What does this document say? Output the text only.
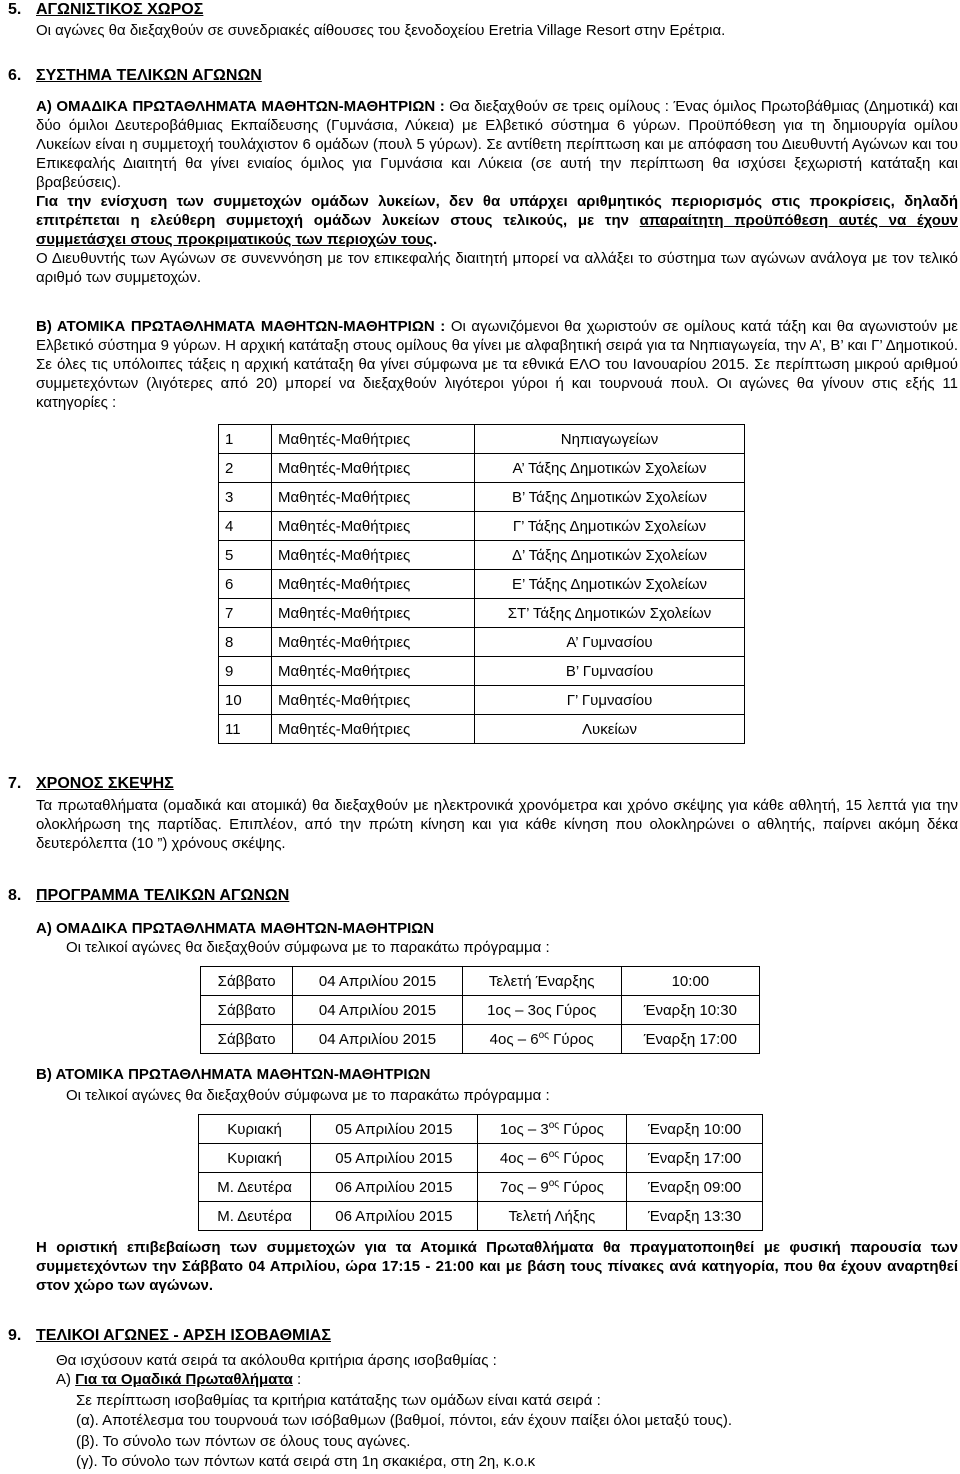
5. ΑΓΩΝΙΣΤΙΚΟΣ ΧΩΡΟΣ
Οι αγώνες θα διεξαχθούν σε συνεδριακές αίθουσες του ξενοδοχείου Eretria Village Resort στην Ερέτρια.
6. ΣΥΣΤΗΜΑ ΤΕΛΙΚΩΝ ΑΓΩΝΩΝ

Α) ΟΜΑΔΙΚΑ ΠΡΩΤΑΘΛΗΜΑΤΑ ΜΑΘΗΤΩΝ-ΜΑΘΗΤΡΙΩΝ : Θα διεξαχθούν σε τρεις ομίλους : Ένας όμιλος Πρωτοβάθμιας (Δημοτικά) και δύο όμιλοι Δευτεροβάθμιας Εκπαίδευσης (Γυμνάσια, Λύκεια) με Ελβετικό σύστημα 6 γύρων. Προϋπόθεση για τη δημιουργία ομίλου Λυκείων είναι η συμμετοχή τουλάχιστον 6 ομάδων (πουλ 5 γύρων). Σε αντίθετη περίπτωση και με απόφαση του Διευθυντή Αγώνων και του Επικεφαλής Διαιτητή θα γίνει ενιαίος όμιλος για Γυμνάσια και Λύκεια (σε αυτή την περίπτωση θα ισχύσει ξεχωριστή κατάταξη και βραβεύσεις).

Για την ενίσχυση των συμμετοχών ομάδων λυκείων, δεν θα υπάρχει αριθμητικός περιορισμός στις προκρίσεις, δηλαδή επιτρέπεται η ελεύθερη συμμετοχή ομάδων λυκείων στους τελικούς, με την απαραίτητη προϋπόθεση αυτές να έχουν συμμετάσχει στους προκριματικούς των περιοχών τους.

Ο Διευθυντής των Αγώνων σε συνεννόηση με τον επικεφαλής διαιτητή μπορεί να αλλάξει το σύστημα των αγώνων ανάλογα με τον τελικό αριθμό των συμμετοχών.

Β) ΑΤΟΜΙΚΑ ΠΡΩΤΑΘΛΗΜΑΤΑ ΜΑΘΗΤΩΝ-ΜΑΘΗΤΡΙΩΝ : Οι αγωνιζόμενοι θα χωριστούν σε ομίλους κατά τάξη και θα αγωνιστούν με Ελβετικό σύστημα 9 γύρων. Η αρχική κατάταξη στους ομίλους θα γίνει με αλφαβητική σειρά για τα Νηπιαγωγεία, την Α’, Β’ και Γ’ Δημοτικού. Σε όλες τις υπόλοιπες τάξεις η αρχική κατάταξη θα γίνει σύμφωνα με τα εθνικά ΕΛΟ του Ιανουαρίου 2015. Σε περίπτωση μικρού αριθμού συμμετεχόντων (λιγότερες από 20) μπορεί να διεξαχθούν λιγότεροι γύροι ή και τουρνουά πουλ. Οι αγώνες θα γίνουν στις εξής 11 κατηγορίες :

1	Μαθητές-Μαθήτριες	Νηπιαγωγείων
2	Μαθητές-Μαθήτριες	Α’ Τάξης Δημοτικών Σχολείων
3	Μαθητές-Μαθήτριες	Β’ Τάξης Δημοτικών Σχολείων
4	Μαθητές-Μαθήτριες	Γ’ Τάξης Δημοτικών Σχολείων
5	Μαθητές-Μαθήτριες	Δ’ Τάξης Δημοτικών Σχολείων
6	Μαθητές-Μαθήτριες	Ε’ Τάξης Δημοτικών Σχολείων
7	Μαθητές-Μαθήτριες	ΣΤ’ Τάξης Δημοτικών Σχολείων
8	Μαθητές-Μαθήτριες	Α’ Γυμνασίου
9	Μαθητές-Μαθήτριες	Β’ Γυμνασίου
10	Μαθητές-Μαθήτριες	Γ’ Γυμνασίου
11	Μαθητές-Μαθήτριες	Λυκείων
7. ΧΡΟΝΟΣ ΣΚΕΨΗΣ
Τα πρωταθλήματα (ομαδικά και ατομικά) θα διεξαχθούν με ηλεκτρονικά χρονόμετρα και χρόνο σκέψης για κάθε αθλητή, 15 λεπτά για την ολοκλήρωση της παρτίδας. Επιπλέον, από την πρώτη κίνηση και για κάθε κίνηση που ολοκληρώνει ο αθλητής, παίρνει ακόμη δέκα δευτερόλεπτα (10 ”) χρόνους σκέψης.
8. ΠΡΟΓΡΑΜΜΑ ΤΕΛΙΚΩΝ ΑΓΩΝΩΝ
Α) ΟΜΑΔΙΚΑ ΠΡΩΤΑΘΛΗΜΑΤΑ ΜΑΘΗΤΩΝ-ΜΑΘΗΤΡΙΩΝ
Οι τελικοί αγώνες θα διεξαχθούν σύμφωνα με το παρακάτω πρόγραμμα :
Σάββατο	04 Απριλίου 2015	Τελετή Έναρξης	10:00
Σάββατο	04 Απριλίου 2015	1ος – 3ος Γύρος	Έναρξη 10:30
Σάββατο	04 Απριλίου 2015	$4o\varsigma - 6^{o\varsigma}$ Γύρος	Έναρξη 17:00
Β) ΑΤΟΜΙΚΑ ΠΡΩΤΑΘΛΗΜΑΤΑ ΜΑΘΗΤΩΝ-ΜΑΘΗΤΡΙΩΝ
Οι τελικοί αγώνες θα διεξαχθούν σύμφωνα με το παρακάτω πρόγραμμα :
Κυριακή	05 Απριλίου 2015	$1o\varsigma - 3^{o\varsigma}$ Γύρος	Έναρξη 10:00
Κυριακή	05 Απριλίου 2015	$4o\varsigma - 6^{o\varsigma}$ Γύρος	Έναρξη 17:00
Μ. Δευτέρα	06 Απριλίου 2015	$7o\varsigma - 9^{o\varsigma}$ Γύρος	Έναρξη 09:00
Μ. Δευτέρα	06 Απριλίου 2015	Τελετή Λήξης	Έναρξη 13:30
Η οριστική επιβεβαίωση των συμμετοχών για τα Ατομικά Πρωταθλήματα θα πραγματοποιηθεί με φυσική παρουσία των συμμετεχόντων την Σάββατο 04 Απριλίου, ώρα 17:15 - 21:00 και με βάση τους πίνακες ανά κατηγορία, που θα έχουν αναρτηθεί στον χώρο των αγώνων.
9. ΤΕΛΙΚΟΙ ΑΓΩΝΕΣ - ΑΡΣΗ ΙΣΟΒΑΘΜΙΑΣ
Θα ισχύσουν κατά σειρά τα ακόλουθα κριτήρια άρσης ισοβαθμίας :
Α) Για τα Ομαδικά Πρωταθλήματα :
Σε περίπτωση ισοβαθμίας τα κριτήρια κατάταξης των ομάδων είναι κατά σειρά :
(α). Αποτέλεσμα του τουρνουά των ισόβαθμων (βαθμοί, πόντοι, εάν έχουν παίξει όλοι μεταξύ τους).
(β). Το σύνολο των πόντων σε όλους τους αγώνες.
(γ). Το σύνολο των πόντων κατά σειρά στη 1η σκακιέρα, στη 2η, κ.ο.κ
